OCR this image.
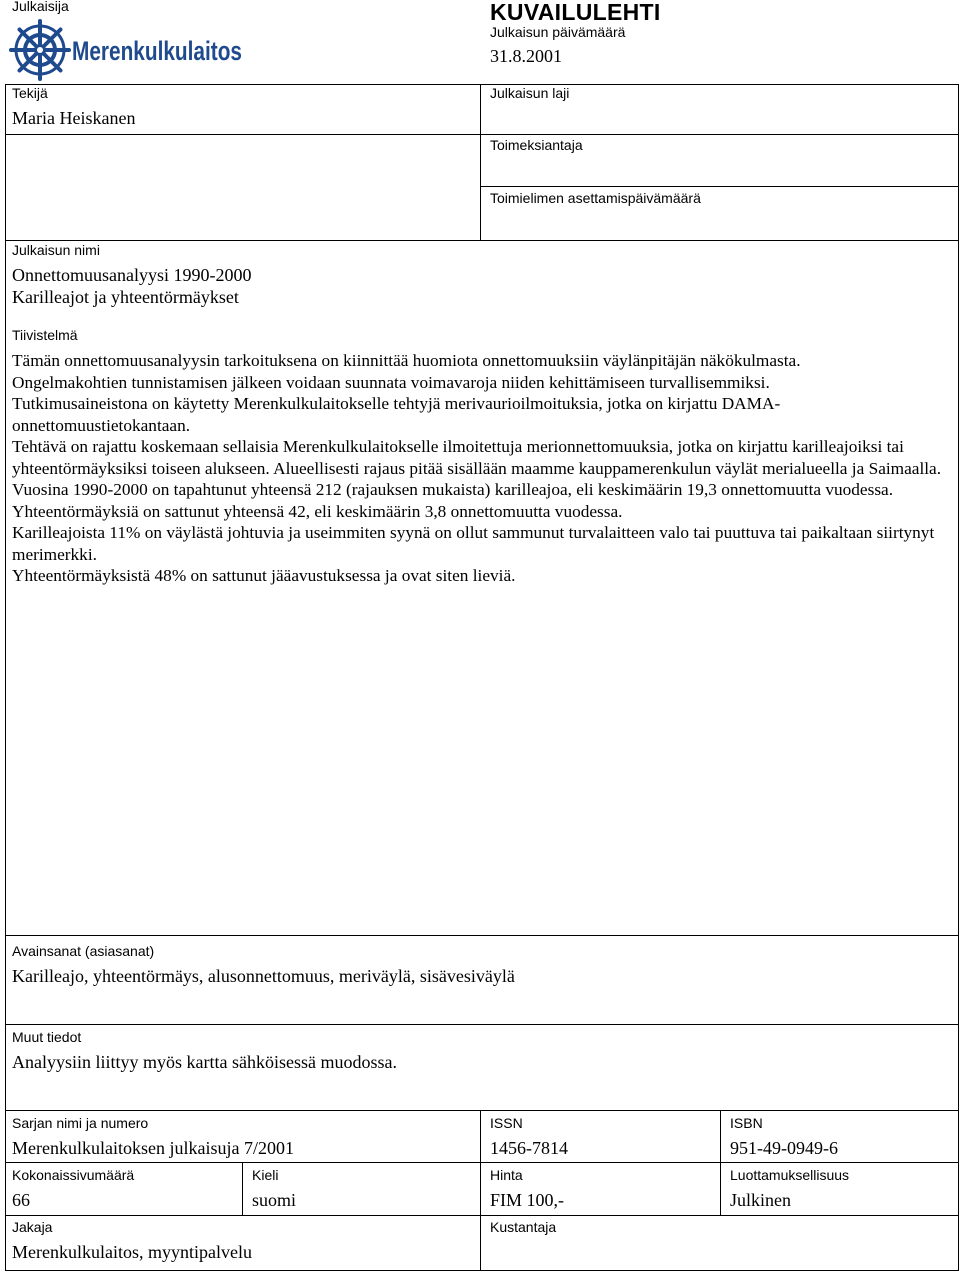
Julkaisija
Merenkulkulaitos
KUVAILULEHTI
Julkaisun päivämäärä
31.8.2001
Tekijä
Maria Heiskanen
Julkaisun laji
Toimeksiantaja
Toimielimen asettamispäivämäärä
Julkaisun nimi
Onnettomuusanalyysi 1990-2000
Karilleajot ja yhteentörmäykset
Tiivistelmä

Tämän onnettomuusanalyysin tarkoituksena on kiinnittää huomiota onnettomuuksiin väylänpitäjän näkökulmasta.

Ongelmakohtien tunnistamisen jälkeen voidaan suunnata voimavaroja niiden kehittämiseen turvallisemmiksi.

Tutkimusaineistona on käytetty Merenkulkulaitokselle tehtyjä merivaurioilmoituksia, jotka on kirjattu DAMA-onnettomuustietokantaan.

Tehtävä on rajattu koskemaan sellaisia Merenkulkulaitokselle ilmoitettuja merionnettomuuksia, jotka on kirjattu karilleajoiksi tai yhteentörmäyksiksi toiseen alukseen. Alueellisesti rajaus pitää sisällään maamme kauppamerenkulun väylät merialueella ja Saimaalla.

Vuosina 1990-2000 on tapahtunut yhteensä 212 (rajauksen mukaista) karilleajoa, eli keskimäärin 19,3 onnettomuutta vuodessa. Yhteentörmäyksiä on sattunut yhteensä 42, eli keskimäärin 3,8 onnettomuutta vuodessa.

Karilleajoista 11% on väylästä johtuvia ja useimmiten syynä on ollut sammunut turvalaitteen valo tai puuttuva tai paikaltaan siirtynyt merimerkki.

Yhteentörmäyksistä 48% on sattunut jääavustuksessa ja ovat siten lieviä.

Avainsanat (asiasanat)
Karilleajo, yhteentörmäys, alusonnettomuus, meriväylä, sisävesiväylä
Muut tiedot
Analyysiin liittyy myös kartta sähköisessä muodossa.
Sarjan nimi ja numero
Merenkulkulaitoksen julkaisuja 7/2001
ISSN
1456-7814
ISBN
951-49-0949-6
Kokonaissivumäärä
66
Kieli
suomi
Hinta
FIM 100,-
Luottamuksellisuus
Julkinen
Jakaja
Merenkulkulaitos, myyntipalvelu
Kustantaja
